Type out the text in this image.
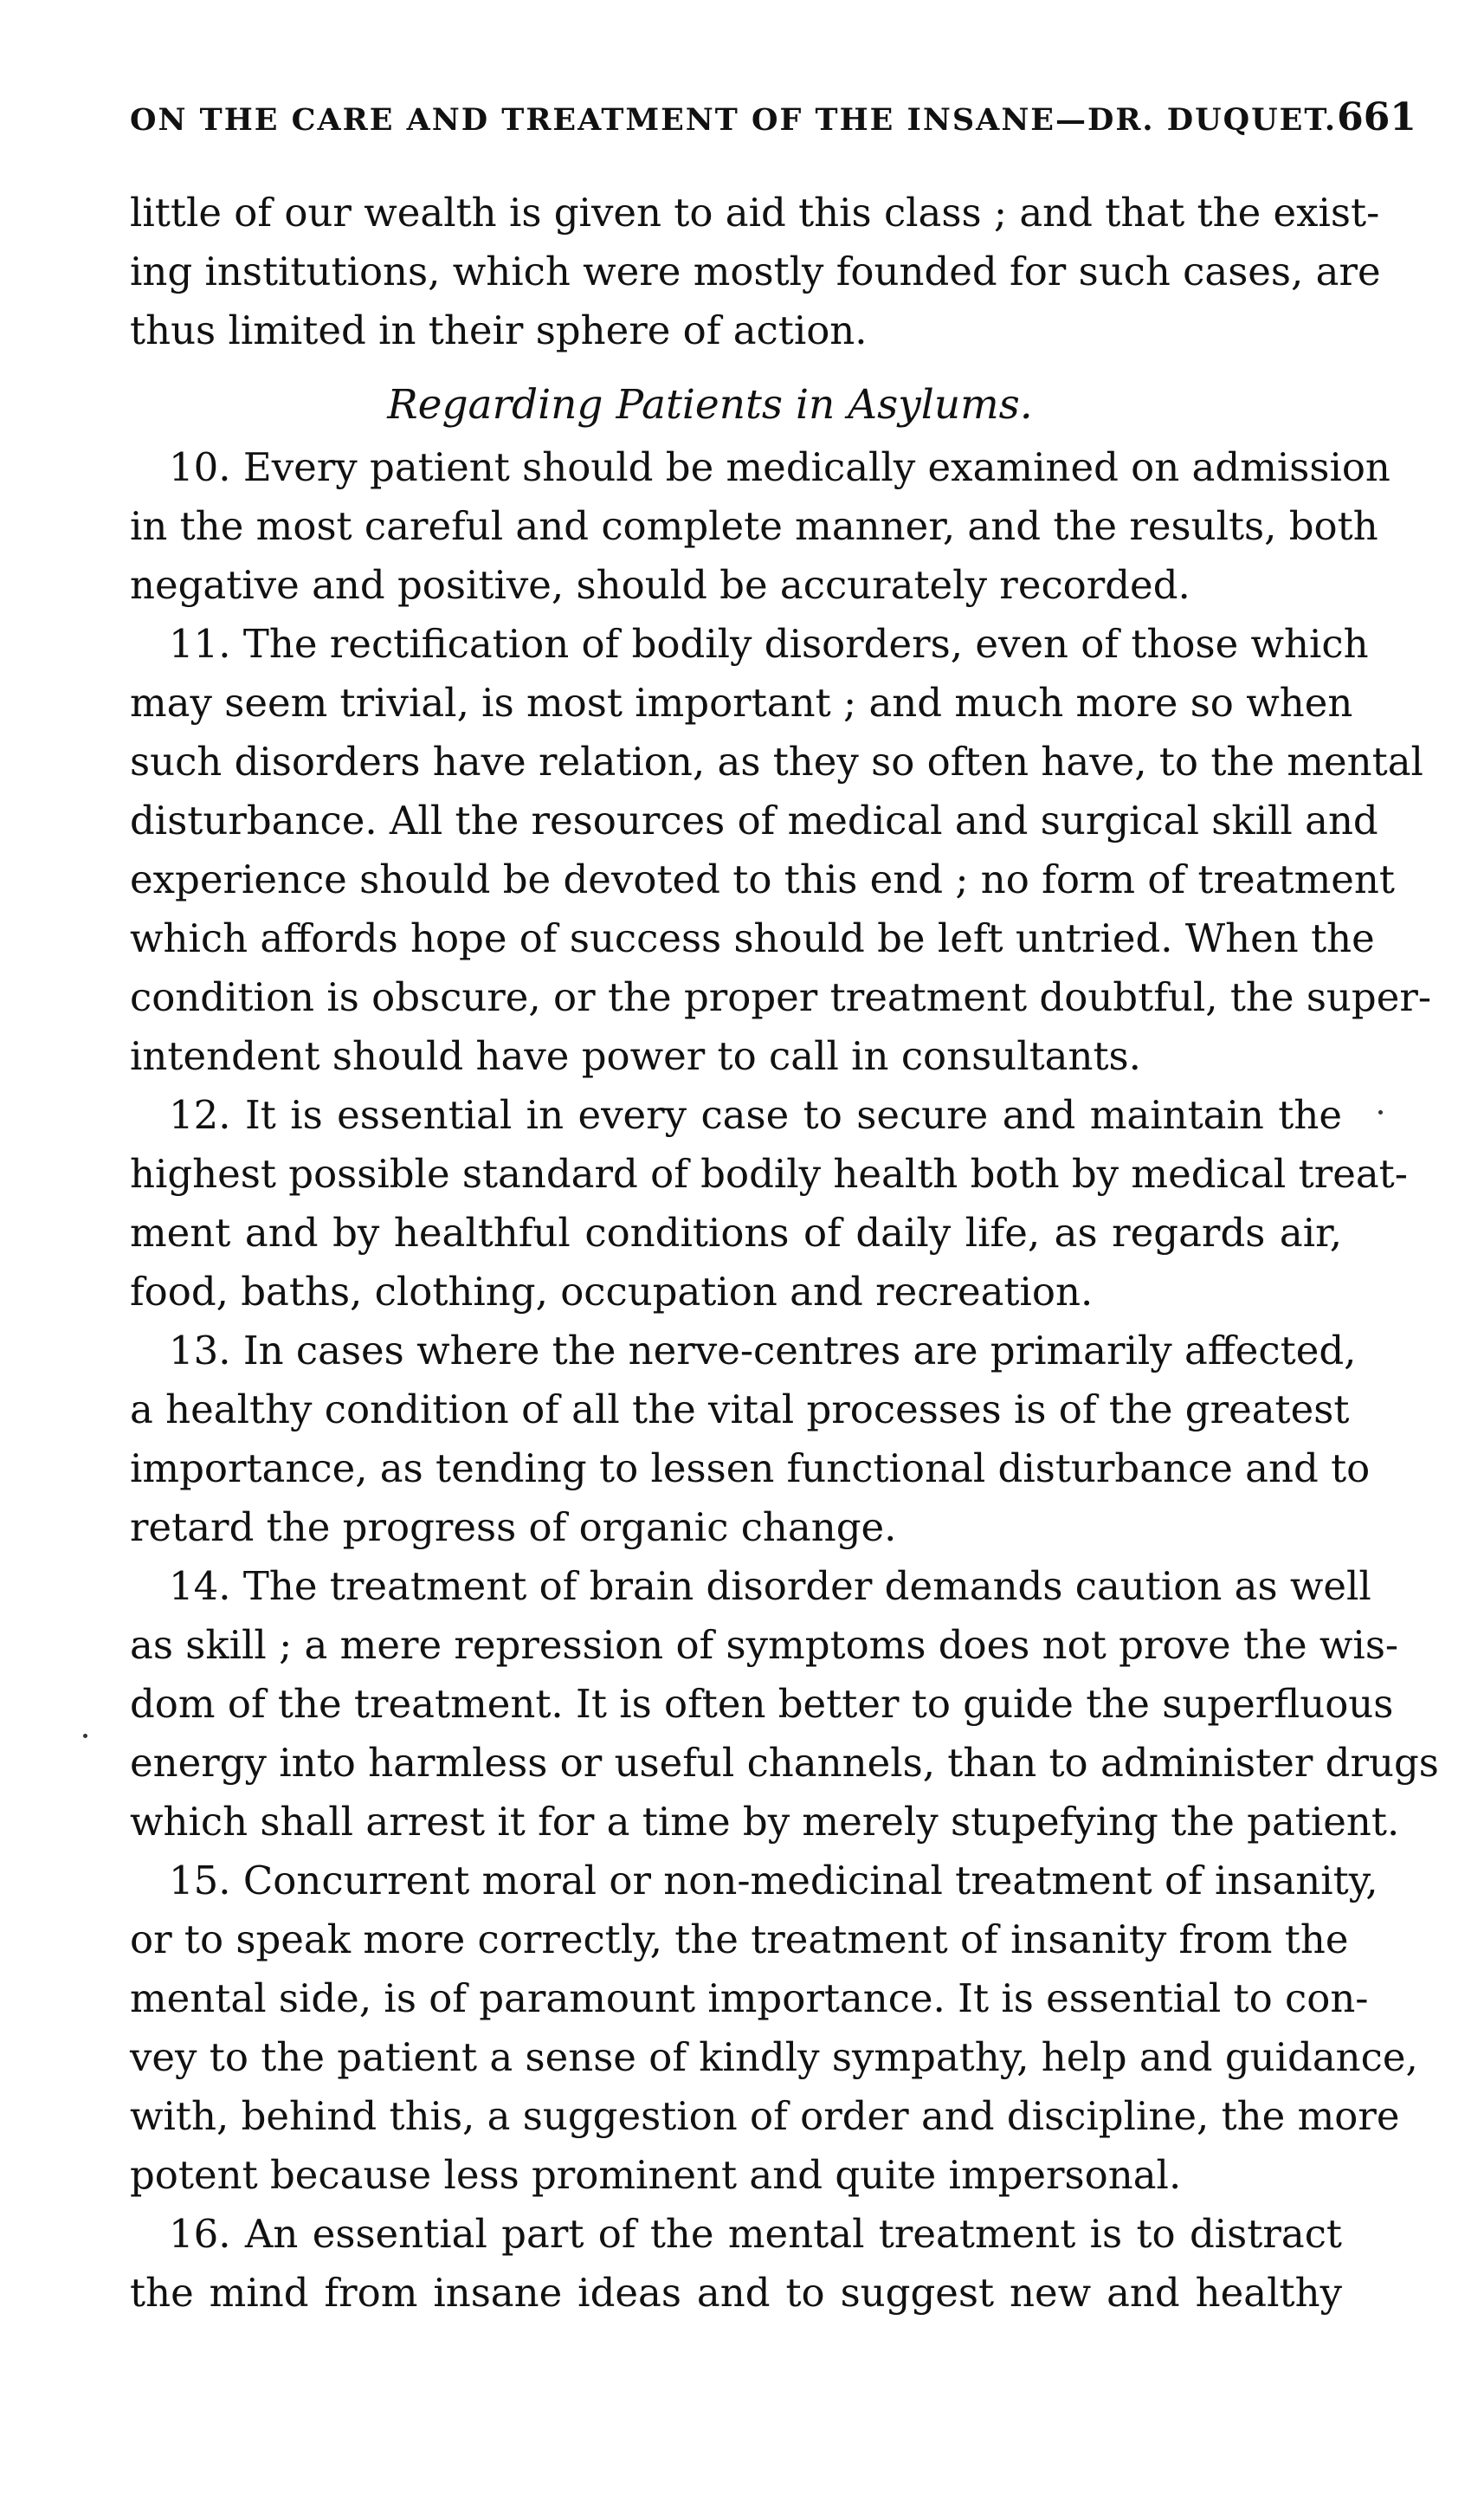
ON THE CARE AND TREATMENT OF THE INSANE—DR. DUQUET. 661
little of our wealth is given to aid this class ; and that the exist-
ing institutions, which were mostly founded for such cases, are
thus limited in their sphere of action.
Regarding Patients in Asylums.
10. Every patient should be medically examined on admission
in the most careful and complete manner, and the results, both
negative and positive, should be accurately recorded.
11. The rectification of bodily disorders, even of those which
may seem trivial, is most important ; and much more so when
such disorders have relation, as they so often have, to the mental
disturbance. All the resources of medical and surgical skill and
experience should be devoted to this end ; no form of treatment
which affords hope of success should be left untried. When the
condition is obscure, or the proper treatment doubtful, the super-
intendent should have power to call in consultants.
12. It is essential in every case to secure and maintain the
highest possible standard of bodily health both by medical treat-
ment and by healthful conditions of daily life, as regards air,
food, baths, clothing, occupation and recreation.
13. In cases where the nerve-centres are primarily affected,
a healthy condition of all the vital processes is of the greatest
importance, as tending to lessen functional disturbance and to
retard the progress of organic change.
14. The treatment of brain disorder demands caution as well
as skill ; a mere repression of symptoms does not prove the wis-
dom of the treatment. It is often better to guide the superfluous
energy into harmless or useful channels, than to administer drugs
which shall arrest it for a time by merely stupefying the patient.
15. Concurrent moral or non-medicinal treatment of insanity,
or to speak more correctly, the treatment of insanity from the
mental side, is of paramount importance. It is essential to con-
vey to the patient a sense of kindly sympathy, help and guidance,
with, behind this, a suggestion of order and discipline, the more
potent because less prominent and quite impersonal.
16. An essential part of the mental treatment is to distract
the mind from insane ideas and to suggest new and healthy
